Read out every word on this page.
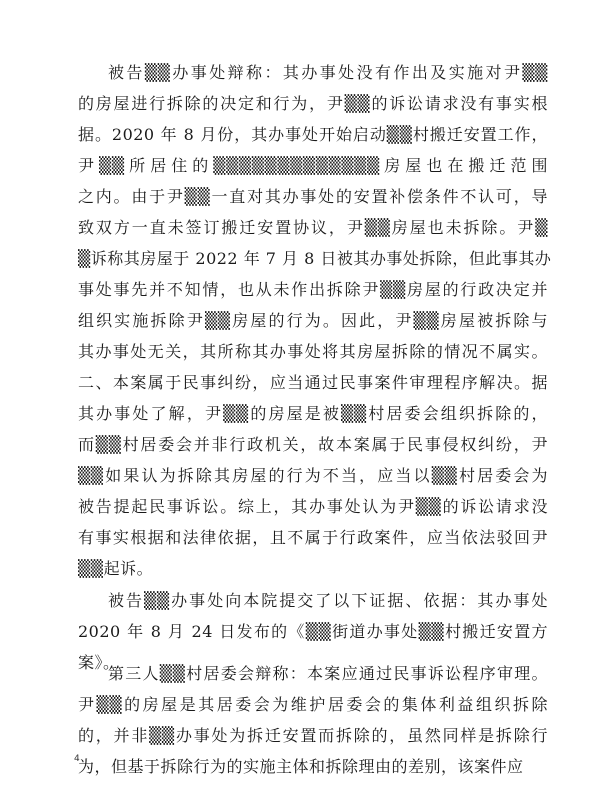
被告▒▒办事处辩称：其办事处没有作出及实施对尹▒▒
的房屋进行拆除的决定和行为，尹▒▒的诉讼请求没有事实根
据。2020 年 8 月份，其办事处开始启动▒▒村搬迁安置工作，
尹▒▒所居住的▒▒▒▒▒▒▒▒▒▒▒▒▒房屋也在搬迁范围
之内。由于尹▒▒一直对其办事处的安置补偿条件不认可，导
致双方一直未签订搬迁安置协议，尹▒▒房屋也未拆除。尹▒
▒诉称其房屋于 2022 年 7 月 8 日被其办事处拆除，但此事其办
事处事先并不知情，也从未作出拆除尹▒▒房屋的行政决定并
组织实施拆除尹▒▒房屋的行为。因此，尹▒▒房屋被拆除与
其办事处无关，其所称其办事处将其房屋拆除的情况不属实。
二、本案属于民事纠纷，应当通过民事案件审理程序解决。据
其办事处了解，尹▒▒的房屋是被▒▒村居委会组织拆除的，
而▒▒村居委会并非行政机关，故本案属于民事侵权纠纷，尹
▒▒如果认为拆除其房屋的行为不当，应当以▒▒村居委会为
被告提起民事诉讼。综上，其办事处认为尹▒▒的诉讼请求没
有事实根据和法律依据，且不属于行政案件，应当依法驳回尹
▒▒起诉。
被告▒▒办事处向本院提交了以下证据、依据：其办事处
2020 年 8 月 24 日发布的《▒▒街道办事处▒▒村搬迁安置方
案》。
第三人▒▒村居委会辩称：本案应通过民事诉讼程序审理。
尹▒▒的房屋是其居委会为维护居委会的集体利益组织拆除
的，并非▒▒办事处为拆迁安置而拆除的，虽然同样是拆除行
为，但基于拆除行为的实施主体和拆除理由的差别，该案件应
4
